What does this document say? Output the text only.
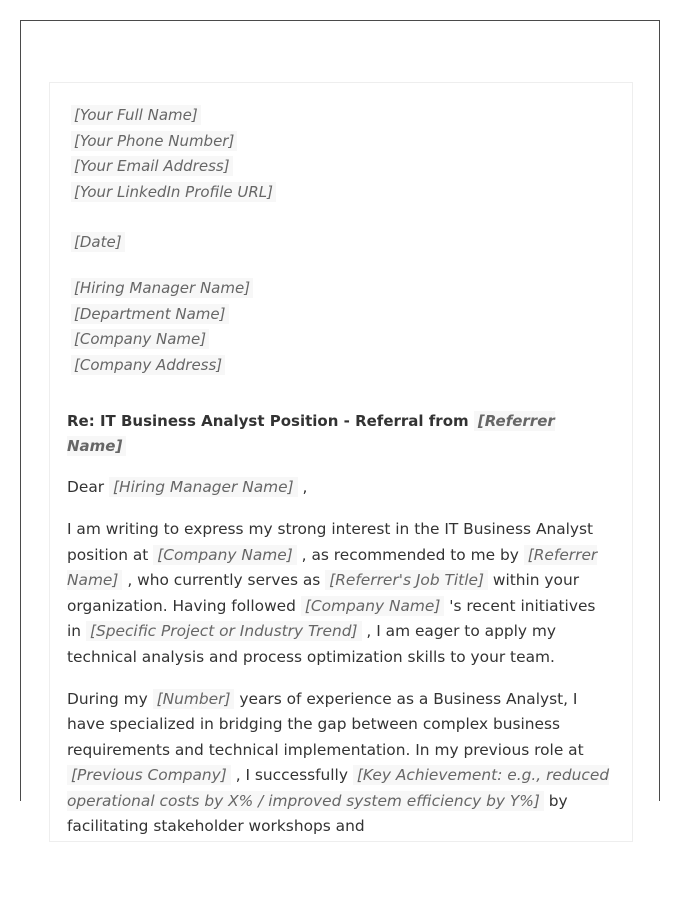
[Your Full Name]
[Your Phone Number]
[Your Email Address]
[Your LinkedIn Profile URL]
[Date]
[Hiring Manager Name]
[Department Name]
[Company Name]
[Company Address]
Re: IT Business Analyst Position - Referral from [Referrer Name]

Dear [Hiring Manager Name] ,

I am writing to express my strong interest in the IT Business Analyst position at [Company Name] , as recommended to me by [Referrer Name] , who currently serves as [Referrer's Job Title] within your organization. Having followed [Company Name] 's recent initiatives in [Specific Project or Industry Trend] , I am eager to apply my technical analysis and process optimization skills to your team.

During my [Number] years of experience as a Business Analyst, I have specialized in bridging the gap between complex business requirements and technical implementation. In my previous role at [Previous Company] , I successfully [Key Achievement: e.g., reduced operational costs by X% / improved system efficiency by Y%] by facilitating stakeholder workshops and
